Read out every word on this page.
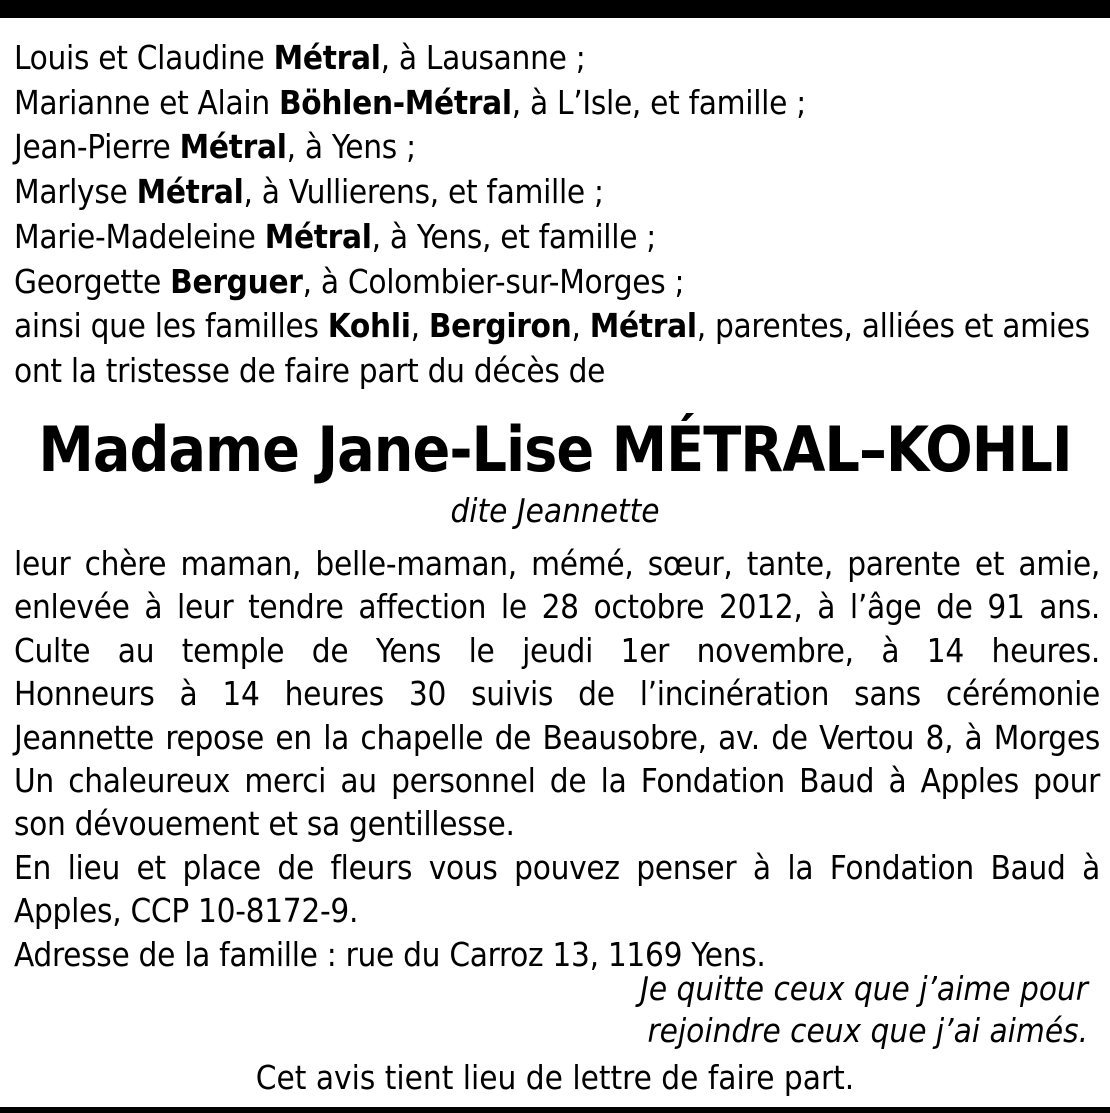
Louis et Claudine Métral, à Lausanne ;
Marianne et Alain Böhlen-Métral, à L’Isle, et famille ;
Jean-Pierre Métral, à Yens ;
Marlyse Métral, à Vullierens, et famille ;
Marie-Madeleine Métral, à Yens, et famille ;
Georgette Berguer, à Colombier-sur-Morges ;
ainsi que les familles Kohli, Bergiron, Métral, parentes, alliées et amies
ont la tristesse de faire part du décès de
Madame Jane-Lise MÉTRAL–KOHLI
dite Jeannette
leur chère maman, belle-maman, mémé, sœur, tante, parente et amie,
enlevée à leur tendre affection le 28 octobre 2012, à l’âge de 91 ans.
Culte au temple de Yens le jeudi 1er novembre, à 14 heures.
Honneurs à 14 heures 30 suivis de l’incinération sans cérémonie
Jeannette repose en la chapelle de Beausobre, av. de Vertou 8, à Morges
Un chaleureux merci au personnel de la Fondation Baud à Apples pour
son dévouement et sa gentillesse.
En lieu et place de fleurs vous pouvez penser à la Fondation Baud à
Apples, CCP 10-8172-9.
Adresse de la famille : rue du Carroz 13, 1169 Yens.
Je quitte ceux que j’aime pour
rejoindre ceux que j’ai aimés.
Cet avis tient lieu de lettre de faire part.
